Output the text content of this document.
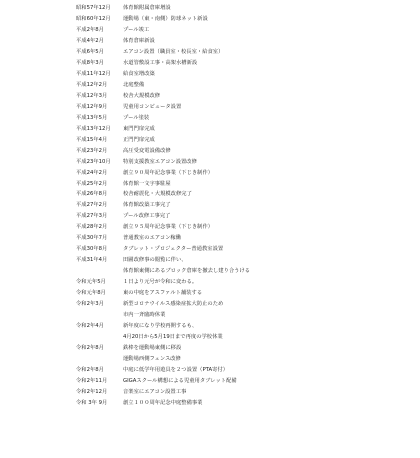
昭和57年12月	体育館附属倉庫増設
昭和60年12月	運動場（東・南側）防球ネット新設
平成2年8月	プール竣工
平成4年2月	体育倉庫新設
平成6年5月	エアコン設置（職員室・校長室・給食室）
平成8年3月	水道管敷設工事・高架水槽新設
平成11年12月	給食室増改築
平成12年2月	北庭整備
平成12年3月	校舎大規模改修
平成12年9月	児童用コンピュータ設置
平成13年5月	プール塗装
平成13年12月	東門門扉完成
平成15年4月	正門門扉完成
平成23年2月	高圧受変電設備改修
平成23年10月	特別支援教室エアコン設置改修
平成24年2月	創立９０周年記念事業（下じき制作）
平成25年2月	体育館一文字事駐屋
平成26年8月	校舎耐震化・大規模改修完了
平成27年2月	体育館改築工事完了
平成27年3月	プール改修工事完了
平成28年2月	創立９５周年記念事業（下じき制作）
平成30年7月	普通教室のエアコン稼働
平成30年8月	タブレット・プロジェクター普通教室設置
平成31年4月	田圃改修事の閲覧に伴い、
体育館東側にあるブロック倉庫を撤去し建り合うける
令和元年5月	１日より元号が令和に変わる。
令和元年8月	東の中庭をアスファルト舗装する
令和2年3月	新型コロナウイルス感染症拡大防止のため
市内一斉臨時休業
令和2年4月	新年度になり学校再開するも、
4月20日から5月19日まで再度の学校休業
令和2年8月	鉄棒を運動場東側に移設
運動場西側フェンス改修
令和2年8月	中庭に低学年用遊具を２つ設置（PTA寄付）
令和2年11月	GIGAスクール構想による児童用タブレット配備
令和2年12月	音楽室にエアコン設置工事
令和 3年 9月	創立１００周年記念中庭整備事業
